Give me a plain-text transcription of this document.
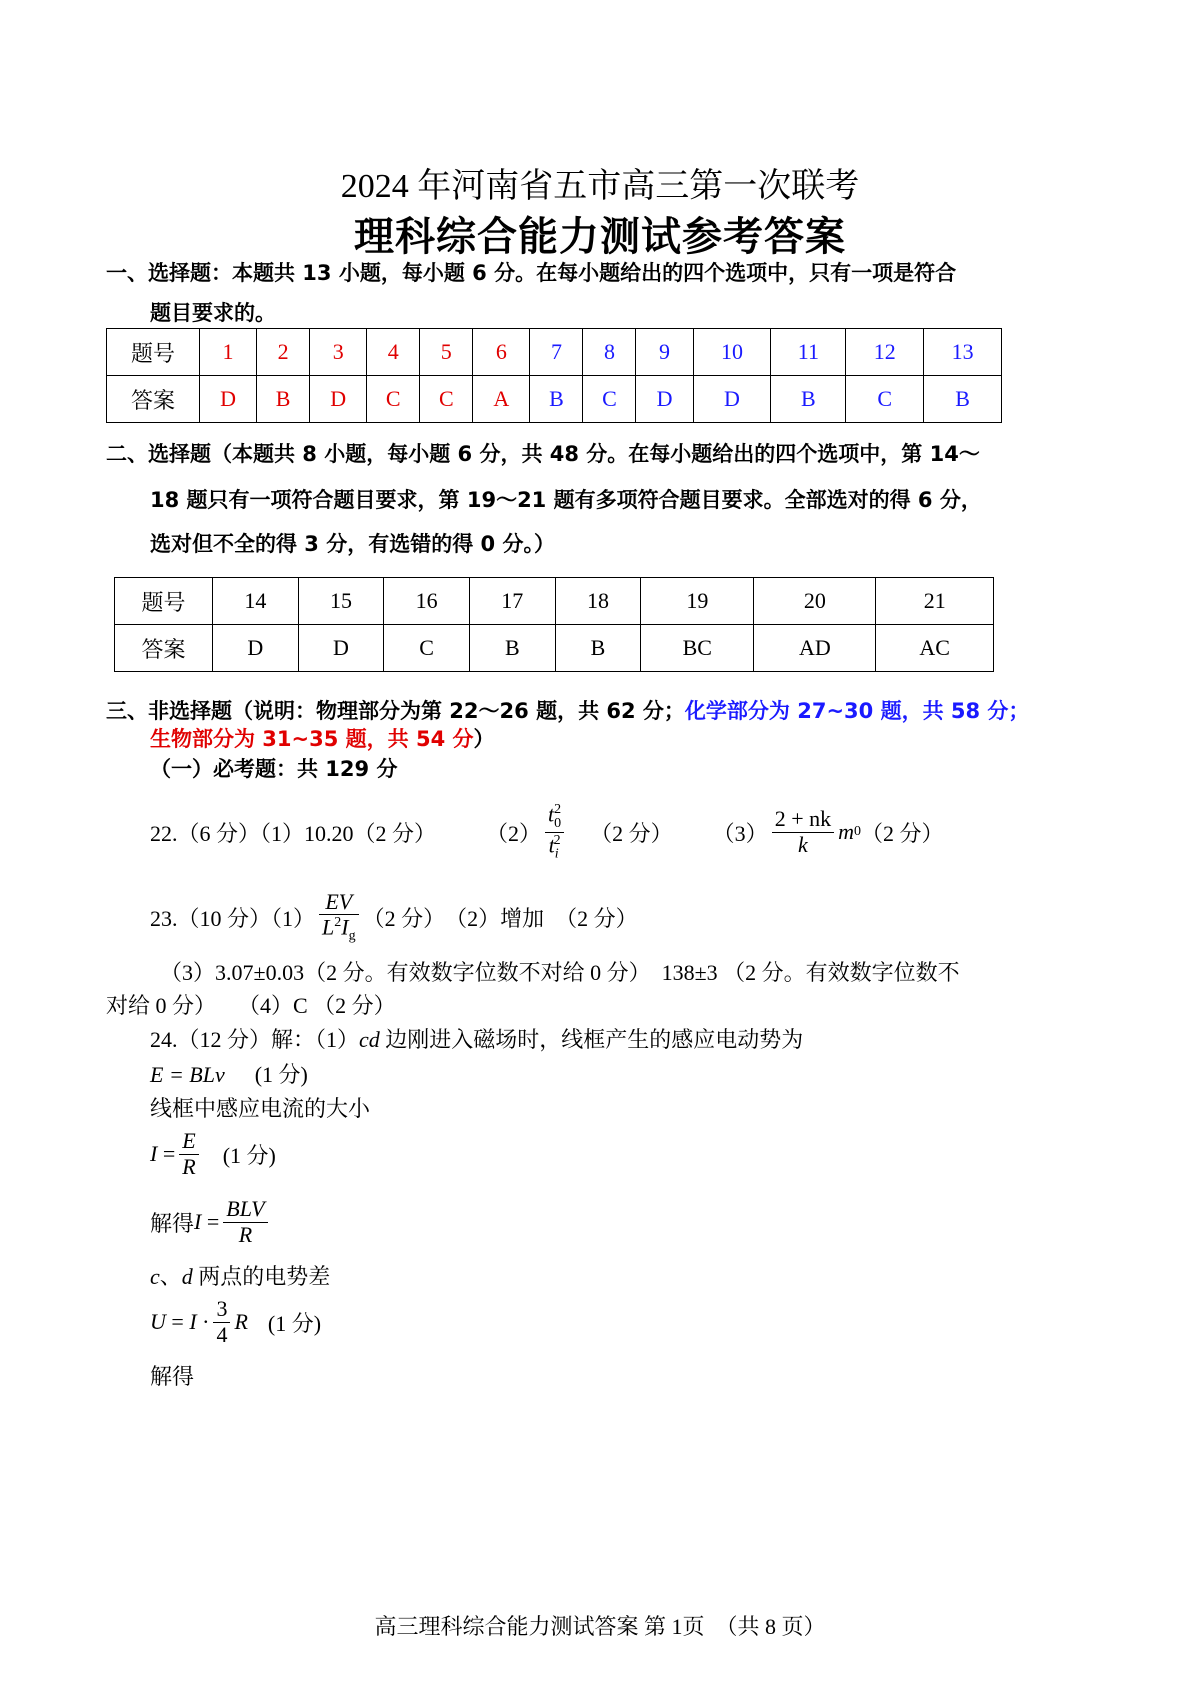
2024 年河南省五市高三第一次联考
理科综合能力测试参考答案
一、选择题：本题共 13 小题，每小题 6 分。在每小题给出的四个选项中，只有一项是符合
题目要求的。
题号	1	2	3	4	5	6	7	8	9	10	11	12	13
答案	D	B	D	C	C	A	B	C	D	D	B	C	B
二、选择题（本题共 8 小题，每小题 6 分，共 48 分。在每小题给出的四个选项中，第 14～
18 题只有一项符合题目要求，第 19～21 题有多项符合题目要求。全部选对的得 6 分，
选对但不全的得 3 分，有选错的得 0 分。）
题号	14	15	16	17	18	19	20	21
答案	D	D	C	B	B	BC	AD	AC
三、非选择题（说明：物理部分为第 22～26 题，共 62 分；化学部分为 27~30 题，共 58 分；
生物部分为 31~35 题，共 54 分）
（一）必考题：共 129 分
22.（6 分）（1）10.20（2 分） $(2) \frac{t_0^2}{t_i^2} (2$ 分） $(3) \frac{2 + nk}{k}$ m 0 （2 分）
23.（10 分）$(1) \frac{EV}{L^2I_g} (2$ 分）　（2）增加　（2 分）
（3）3.07±0.03（2 分。有效数字位数不对给 0 分）　138±3 （2 分。有效数字位数不
对给 0 分）　　（4）C （2 分）
24.（12 分）解：（1）cd 边刚进入磁场时，线框产生的感应电动势为
E = BLv (1 分)
线框中感应电流的大小
$I = \frac{E}{R} (1$ 分)
解得 $I = \frac{\text{BLV}}{R}$
c、d 两点的电势差
$U = I \cdot \frac{3}{4}$ R (1 分)
解得
高三理科综合能力测试答案 第 1页　（共 8 页）
